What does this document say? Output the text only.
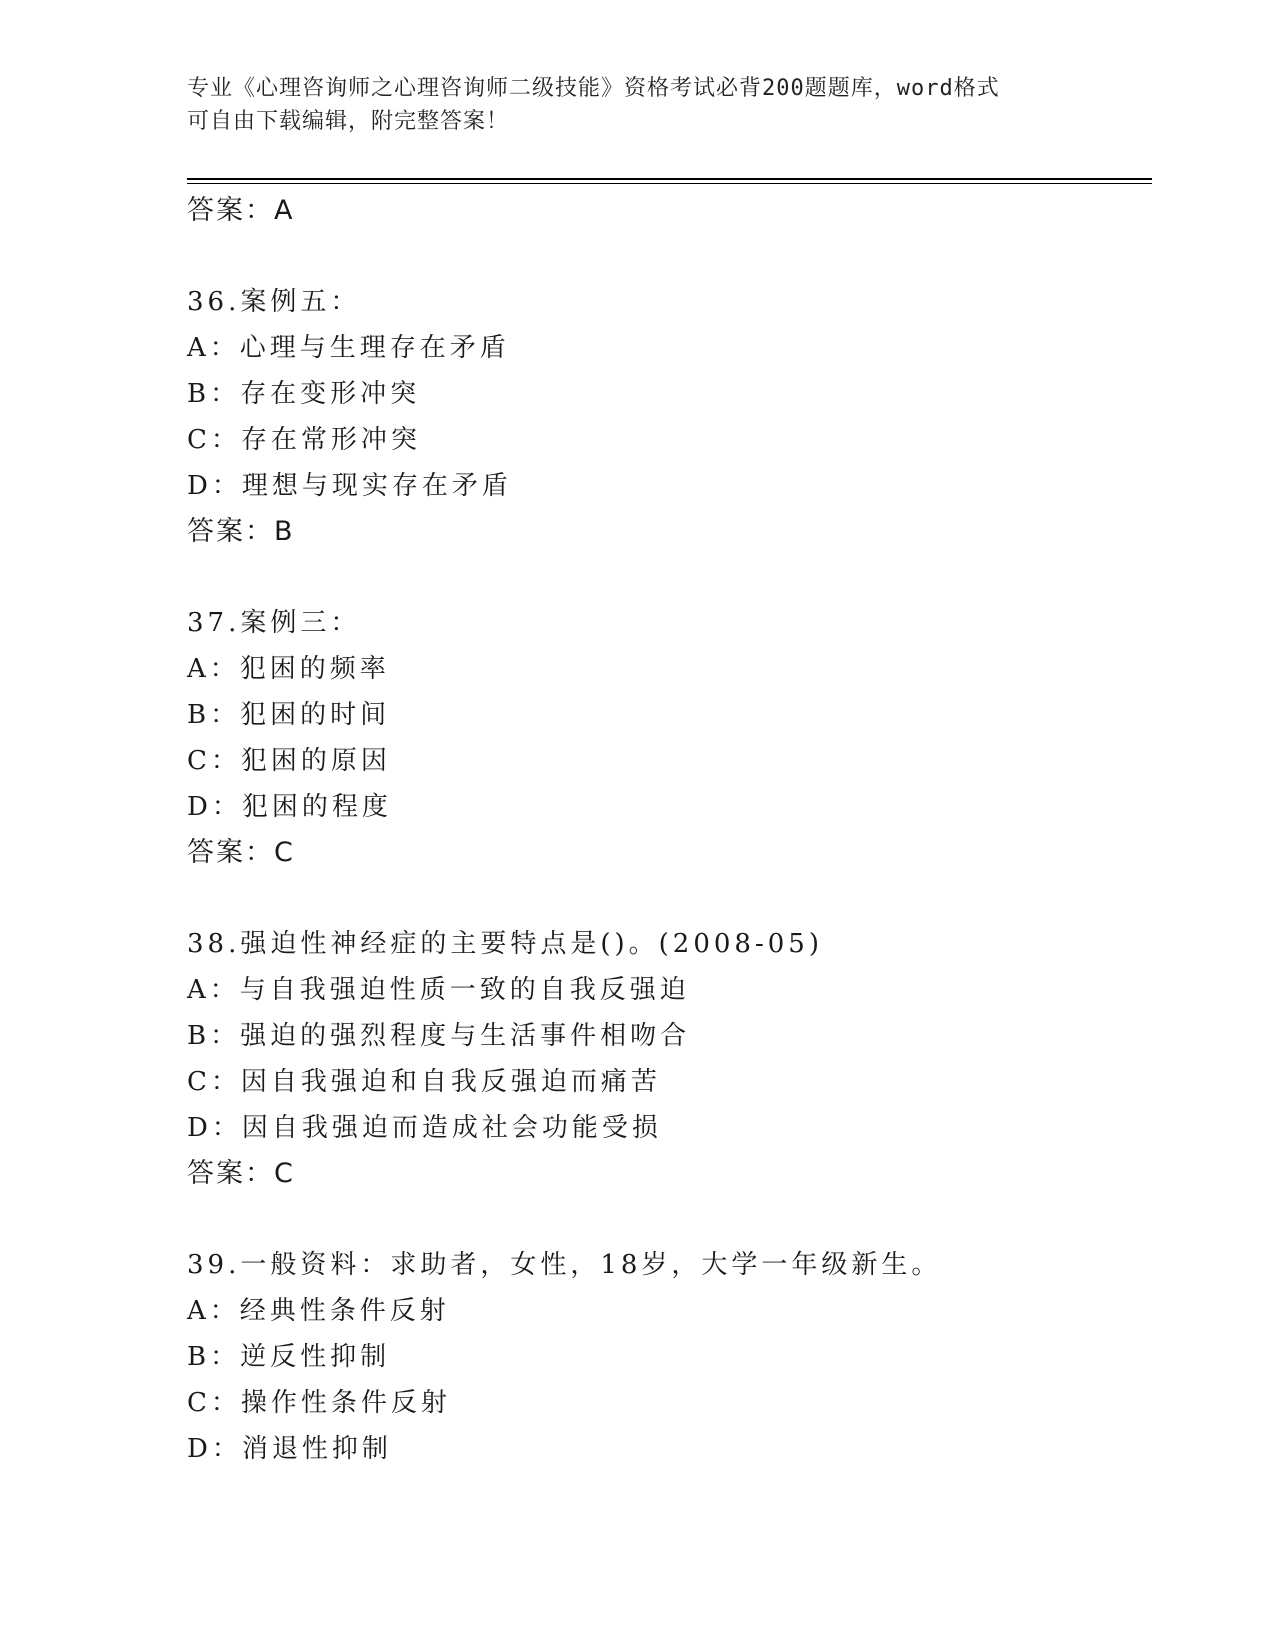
专业《心理咨询师之心理咨询师二级技能》资格考试必背200题题库，word格式
可自由下载编辑，附完整答案！
答案：A
36.案例五：
A：心理与生理存在矛盾
B：存在变形冲突
C：存在常形冲突
D：理想与现实存在矛盾
答案：B
37.案例三：
A：犯困的频率
B：犯困的时间
C：犯困的原因
D：犯困的程度
答案：C
38.强迫性神经症的主要特点是()。(2008-05)
A：与自我强迫性质一致的自我反强迫
B：强迫的强烈程度与生活事件相吻合
C：因自我强迫和自我反强迫而痛苦
D：因自我强迫而造成社会功能受损
答案：C
39.一般资料：求助者，女性，18岁，大学一年级新生。
A：经典性条件反射
B：逆反性抑制
C：操作性条件反射
D：消退性抑制
